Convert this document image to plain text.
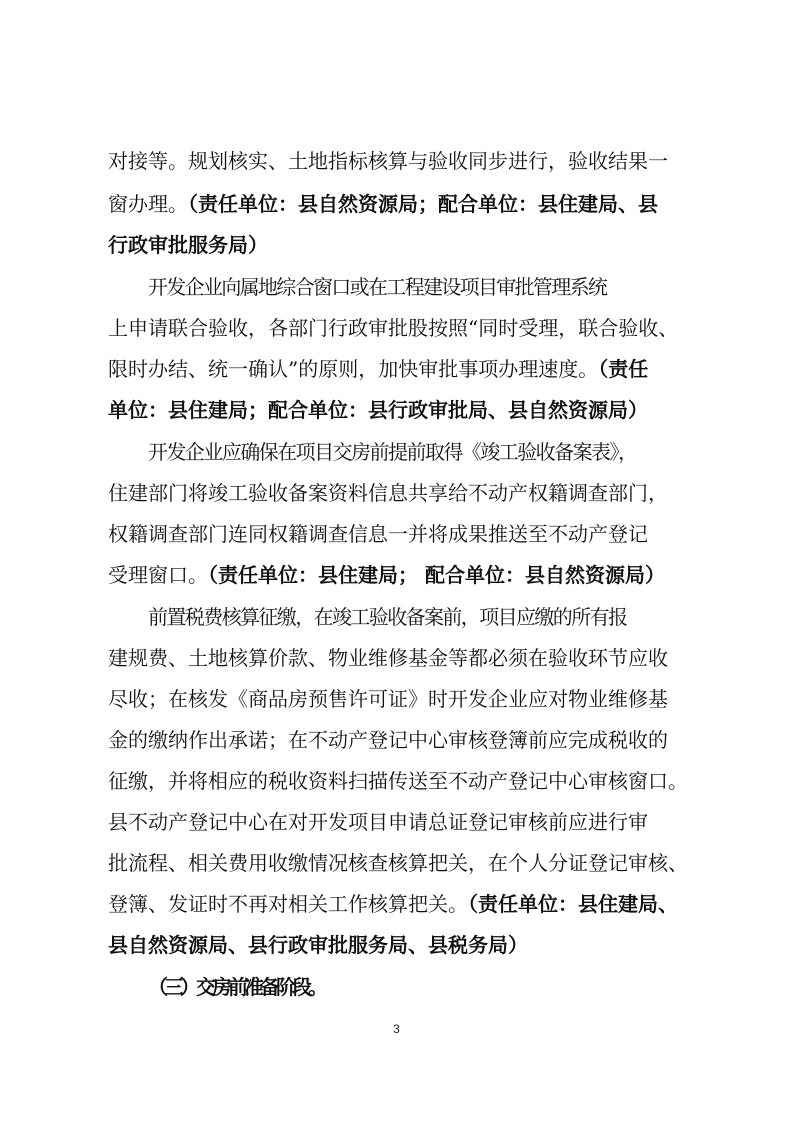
对接等。规划核实、土地指标核算与验收同步进行，验收结果一
窗办理。（责任单位：县自然资源局；配合单位：县住建局、县
行政审批服务局）
开发企业向属地综合窗口或在工程建设项目审批管理系统
上申请联合验收，各部门行政审批股按照“同时受理，联合验收、
限时办结、统一确认”的原则，加快审批事项办理速度。（责任
单位：县住建局；配合单位：县行政审批局、县自然资源局）
开发企业应确保在项目交房前提前取得《竣工验收备案表》，
住建部门将竣工验收备案资料信息共享给不动产权籍调查部门，
权籍调查部门连同权籍调查信息一并将成果推送至不动产登记
受理窗口。（责任单位：县住建局； 配合单位：县自然资源局）
前置税费核算征缴，在竣工验收备案前，项目应缴的所有报
建规费、土地核算价款、物业维修基金等都必须在验收环节应收
尽收；在核发《商品房预售许可证》时开发企业应对物业维修基
金的缴纳作出承诺；在不动产登记中心审核登簿前应完成税收的
征缴，并将相应的税收资料扫描传送至不动产登记中心审核窗口。
县不动产登记中心在对开发项目申请总证登记审核前应进行审
批流程、相关费用收缴情况核查核算把关，在个人分证登记审核、
登簿、发证时不再对相关工作核算把关。（责任单位：县住建局、
县自然资源局、县行政审批服务局、县税务局）
（三）交房前准备阶段。
3
